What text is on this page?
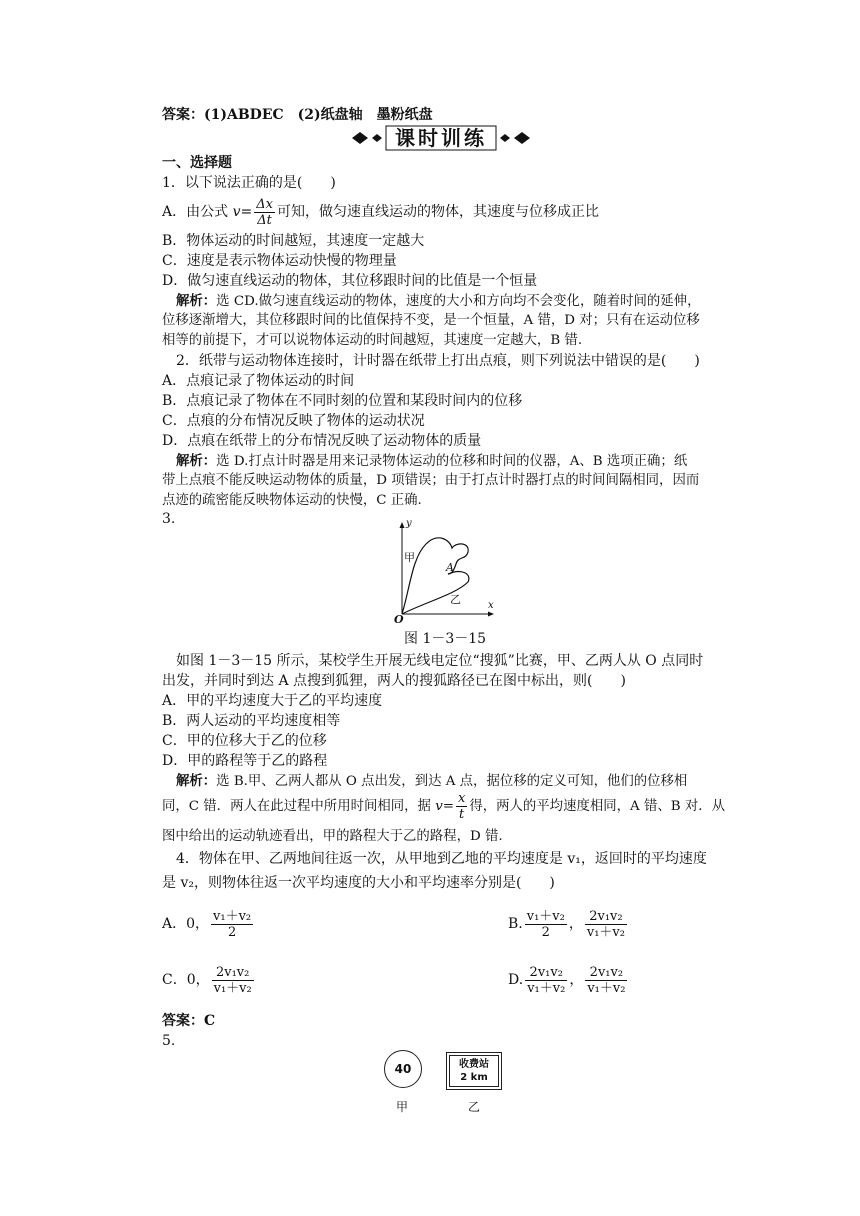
答案：(1)ABDEC　(2)纸盘轴　墨粉纸盘
课时训练
一、选择题
1．以下说法正确的是(　　)
A．由公式 $v= \frac{\Delta x}{\Delta t}$ 可知，做匀速直线运动的物体，其速度与位移成正比
B．物体运动的时间越短，其速度一定越大
C．速度是表示物体运动快慢的物理量
D．做匀速直线运动的物体，其位移跟时间的比值是一个恒量
解析：选 CD.做匀速直线运动的物体，速度的大小和方向均不会变化，随着时间的延伸，
位移逐渐增大，其位移跟时间的比值保持不变，是一个恒量，A 错，D 对；只有在运动位移
相等的前提下，才可以说物体运动的时间越短，其速度一定越大，B 错.
2．纸带与运动物体连接时，计时器在纸带上打出点痕，则下列说法中错误的是(　　)
A．点痕记录了物体运动的时间
B．点痕记录了物体在不同时刻的位置和某段时间内的位移
C．点痕的分布情况反映了物体的运动状况
D．点痕在纸带上的分布情况反映了运动物体的质量
解析：选 D.打点计时器是用来记录物体运动的位移和时间的仪器，A、B 选项正确；纸
带上点痕不能反映运动物体的质量，D 项错误；由于打点计时器打点的时间间隔相同，因而
点迹的疏密能反映物体运动的快慢，C 正确.
3.	y
x
O
甲
乙
A
图 1－3－15
如图 1－3－15 所示，某校学生开展无线电定位“搜狐”比赛，甲、乙两人从 O 点同时
出发，并同时到达 A 点搜到狐狸，两人的搜狐路径已在图中标出，则(　　)
A．甲的平均速度大于乙的平均速度
B．两人运动的平均速度相等
C．甲的位移大于乙的位移
D．甲的路程等于乙的路程
解析：选 B.甲、乙两人都从 O 点出发，到达 A 点，据位移的定义可知，他们的位移相
同，C 错．两人在此过程中所用时间相同，据 $v= \frac{x}{t}$ 得，两人的平均速度相同，A 错、B 对．从
图中给出的运动轨迹看出，甲的路程大于乙的路程，D 错.
4．物体在甲、乙两地间往返一次，从甲地到乙地的平均速度是 v₁，返回时的平均速度
是 v₂，则物体往返一次平均速度的大小和平均速率分别是(　　)
A．0， $\frac{\text{v₁＋v₂}}{2}$	B. $\frac{\text{v₁＋v₂}}{2}$ ， $\frac{\text{2v₁v₂}}{\text{v₁＋v₂}}$
C．0， $\frac{\text{2v₁v₂}}{\text{v₁＋v₂}}$	D. $\frac{\text{2v₁v₂}}{\text{v₁＋v₂}}$ ， $\frac{\text{2v₁v₂}}{\text{v₁＋v₂}}$
答案：C
5.
40	收费站
2 km
甲	乙
